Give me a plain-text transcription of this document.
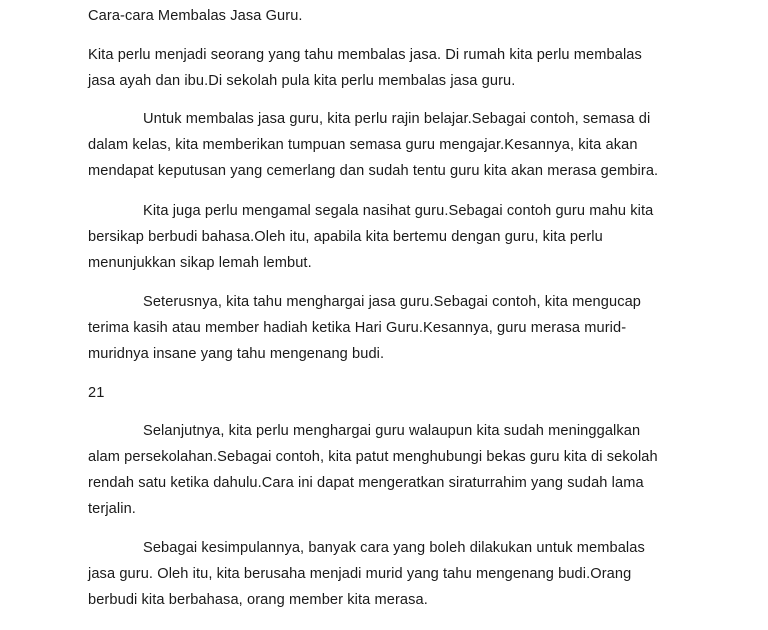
Cara-cara Membalas Jasa Guru.

Kita perlu menjadi seorang yang tahu membalas jasa. Di rumah kita perlu membalas
jasa ayah dan ibu.Di sekolah pula kita perlu membalas jasa guru.

Untuk membalas jasa guru, kita perlu rajin belajar.Sebagai contoh, semasa di
dalam kelas, kita memberikan tumpuan semasa guru mengajar.Kesannya, kita akan
mendapat keputusan yang cemerlang dan sudah tentu guru kita akan merasa gembira.

Kita juga perlu mengamal segala nasihat guru.Sebagai contoh guru mahu kita
bersikap berbudi bahasa.Oleh itu, apabila kita bertemu dengan guru, kita perlu
menunjukkan sikap lemah lembut.

Seterusnya, kita tahu menghargai jasa guru.Sebagai contoh, kita mengucap
terima kasih atau member hadiah ketika Hari Guru.Kesannya, guru merasa murid-
muridnya insane yang tahu mengenang budi.

21

Selanjutnya, kita perlu menghargai guru walaupun kita sudah meninggalkan
alam persekolahan.Sebagai contoh, kita patut menghubungi bekas guru kita di sekolah
rendah satu ketika dahulu.Cara ini dapat mengeratkan siraturrahim yang sudah lama
terjalin.

Sebagai kesimpulannya, banyak cara yang boleh dilakukan untuk membalas
jasa guru. Oleh itu, kita berusaha menjadi murid yang tahu mengenang budi.Orang
berbudi kita berbahasa, orang member kita merasa.
